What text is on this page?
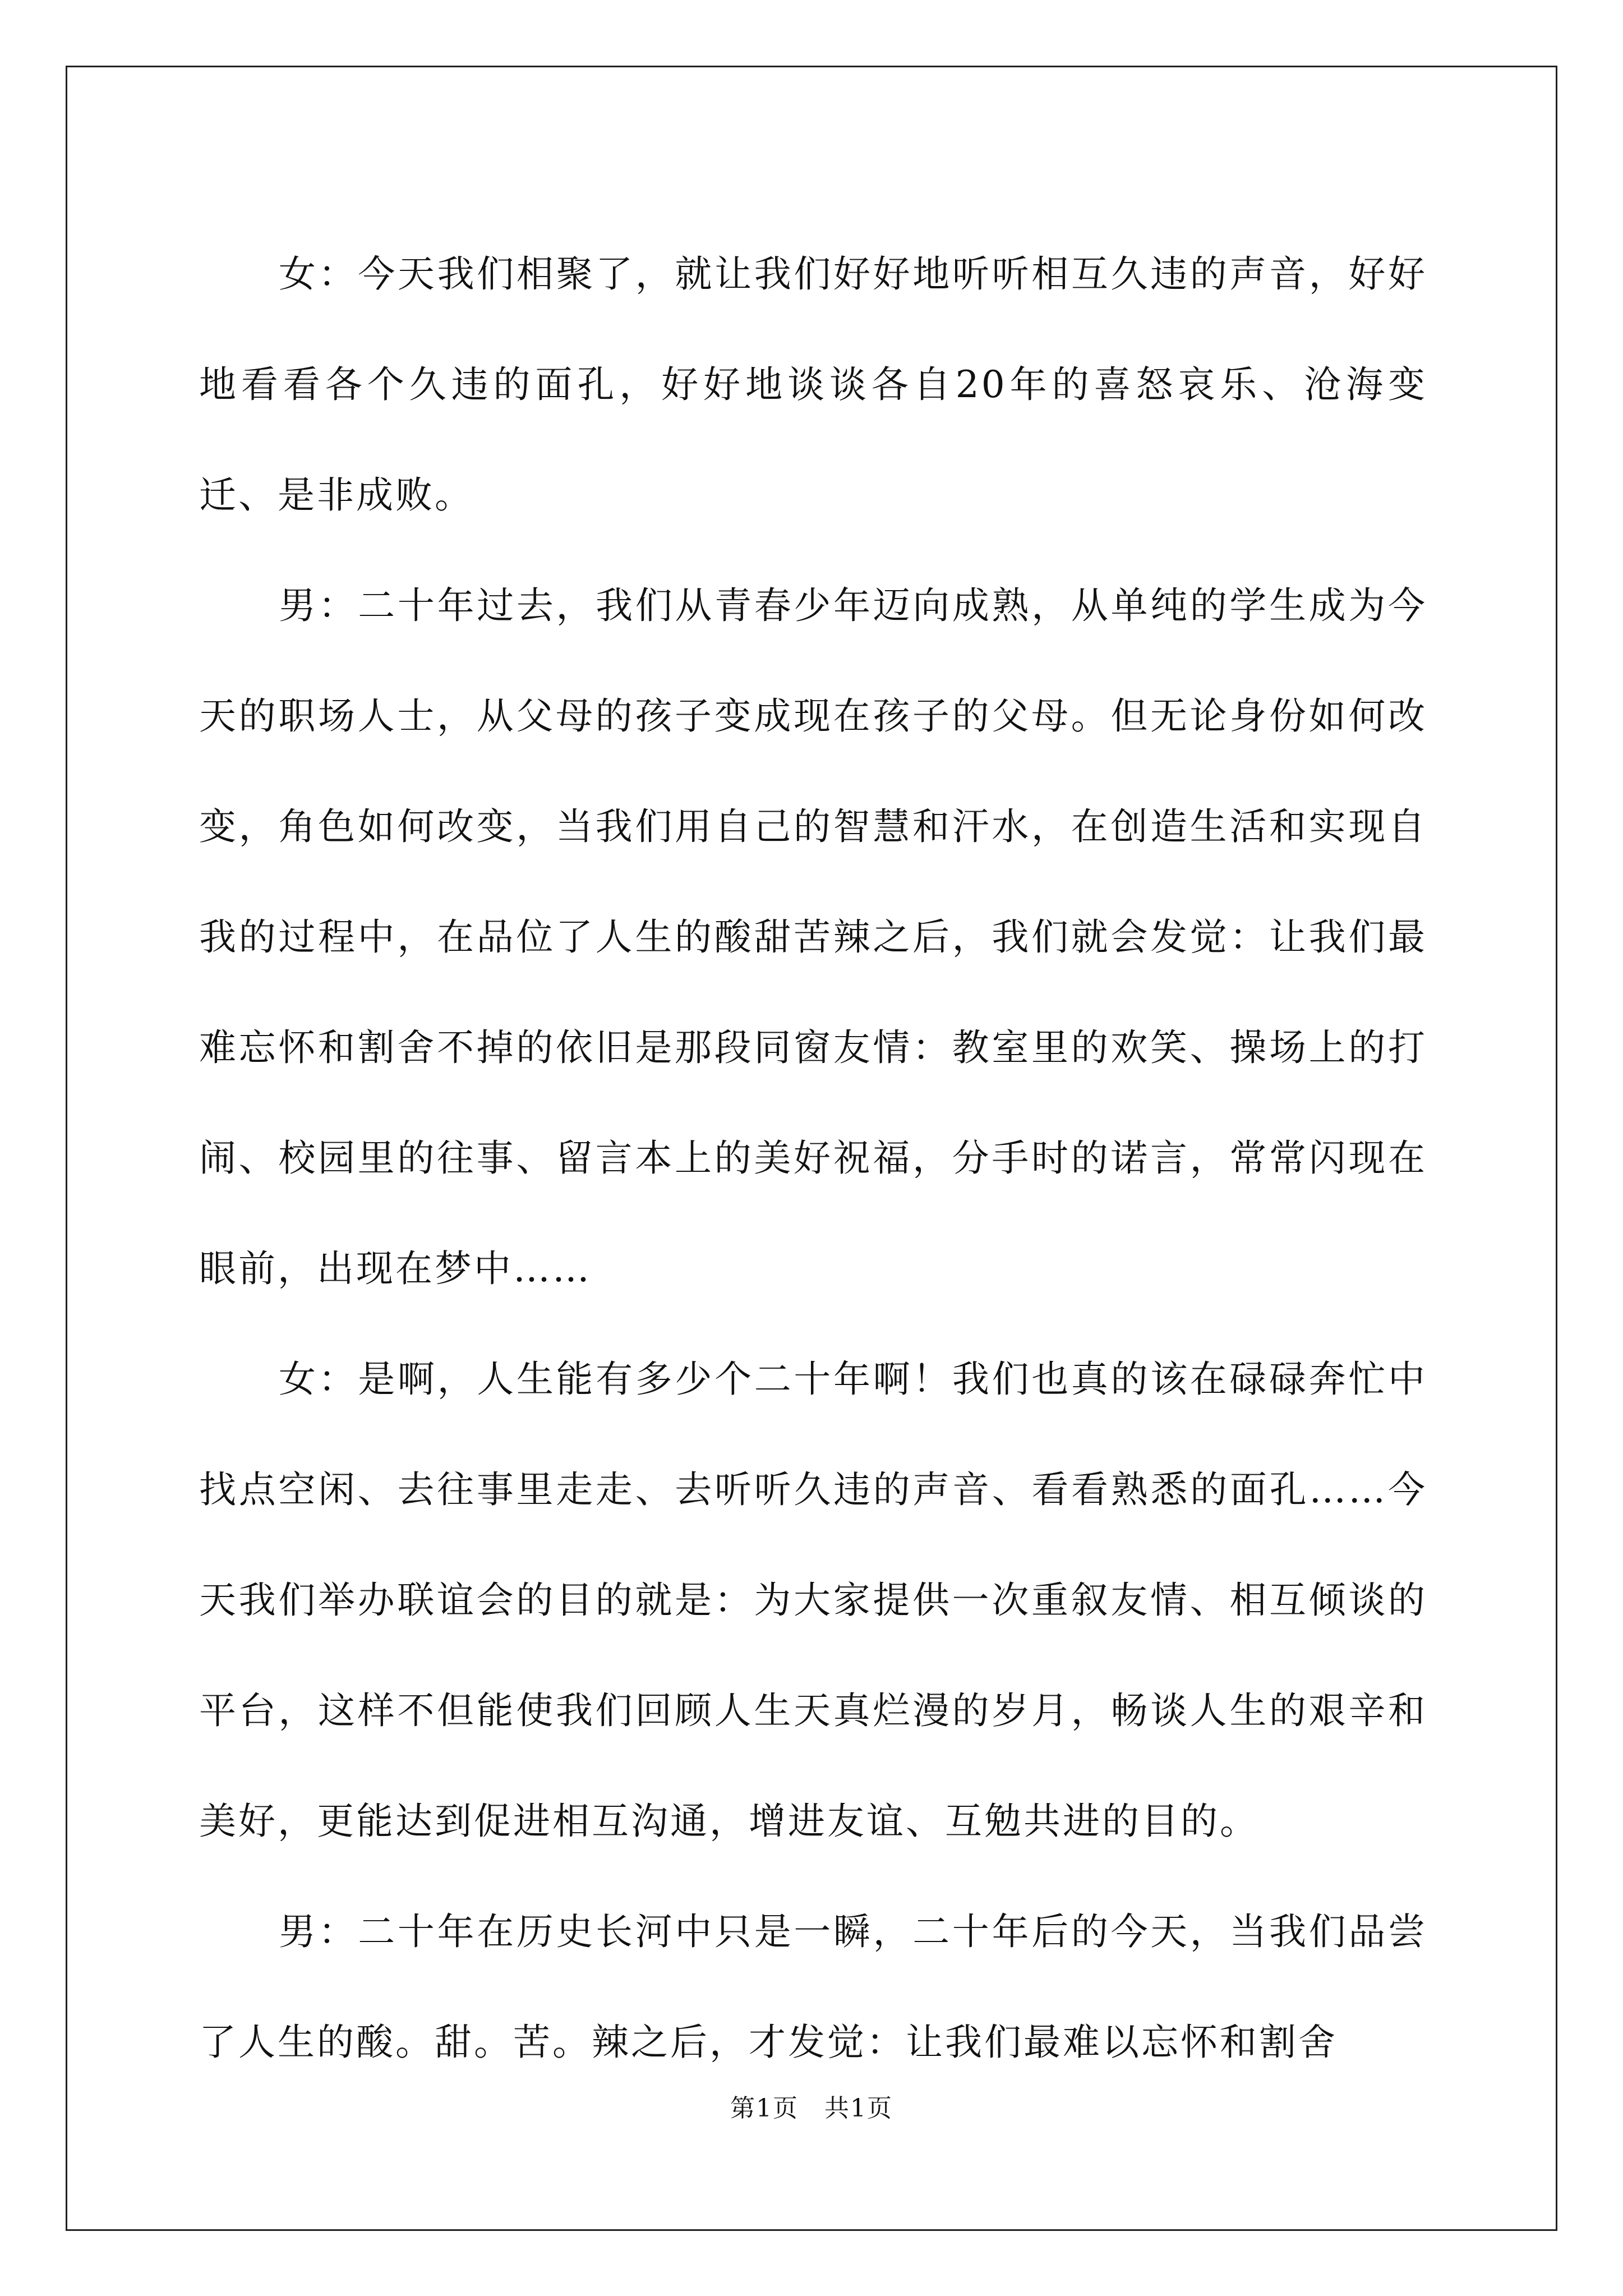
女：今天我们相聚了，就让我们好好地听听相互久违的声音，好好地看看各个久违的面孔，好好地谈谈各自20年的喜怒哀乐、沧海变迁、是非成败。

男：二十年过去，我们从青春少年迈向成熟，从单纯的学生成为今天的职场人士，从父母的孩子变成现在孩子的父母。但无论身份如何改变，角色如何改变，当我们用自己的智慧和汗水，在创造生活和实现自我的过程中，在品位了人生的酸甜苦辣之后，我们就会发觉：让我们最难忘怀和割舍不掉的依旧是那段同窗友情：教室里的欢笑、操场上的打闹、校园里的往事、留言本上的美好祝福，分手时的诺言，常常闪现在眼前，出现在梦中……

女：是啊，人生能有多少个二十年啊！我们也真的该在碌碌奔忙中找点空闲、去往事里走走、去听听久违的声音、看看熟悉的面孔……今天我们举办联谊会的目的就是：为大家提供一次重叙友情、相互倾谈的平台，这样不但能使我们回顾人生天真烂漫的岁月，畅谈人生的艰辛和美好，更能达到促进相互沟通，增进友谊、互勉共进的目的。

男：二十年在历史长河中只是一瞬，二十年后的今天，当我们品尝了人生的酸。甜。苦。辣之后，才发觉：让我们最难以忘怀和割舍

第1页　共1页
